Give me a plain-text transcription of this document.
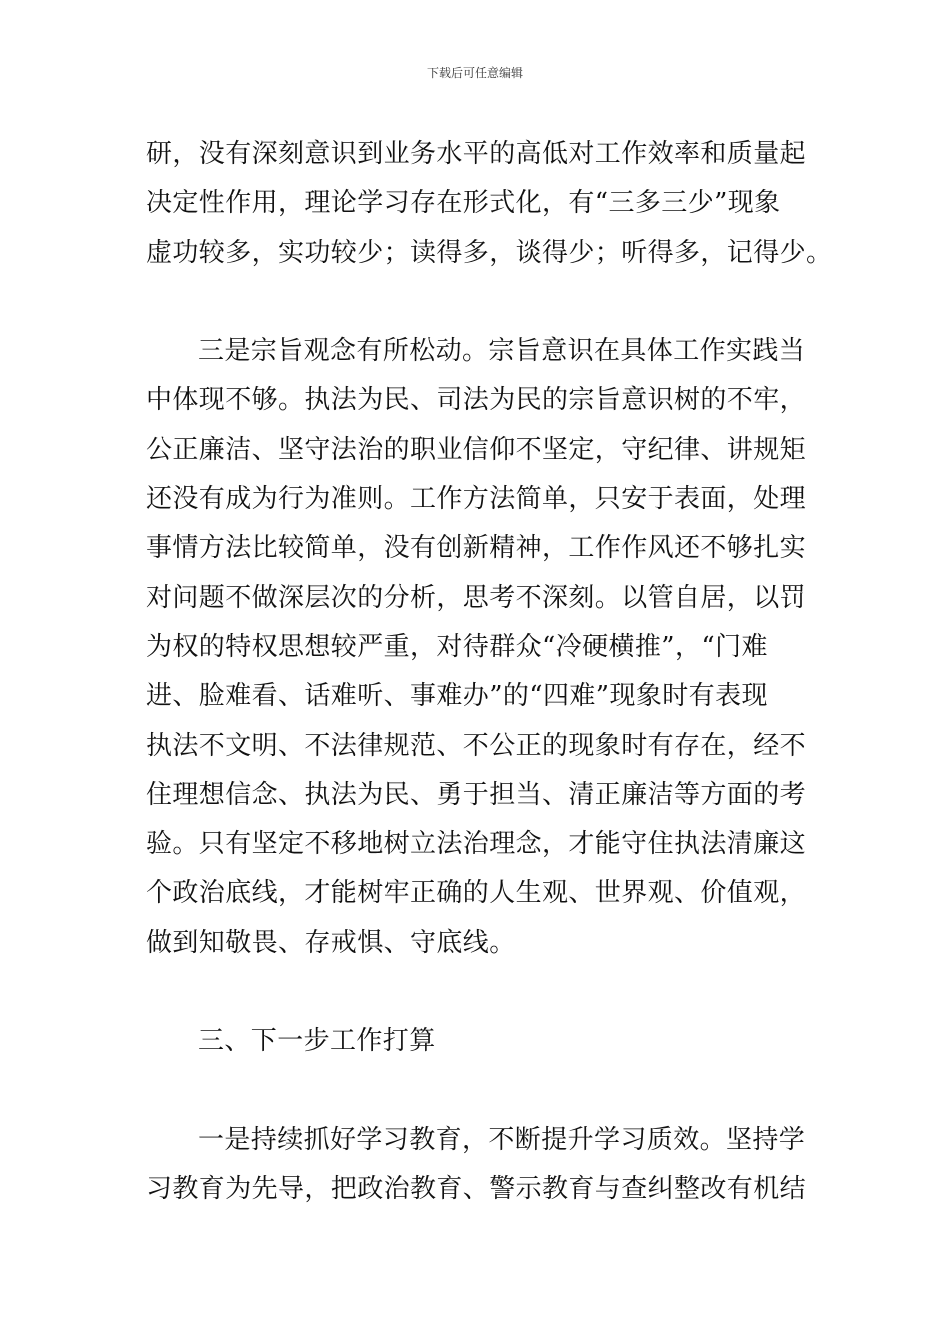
下载后可任意编辑
研，没有深刻意识到业务水平的高低对工作效率和质量起
决定性作用，理论学习存在形式化，有“三多三少”现象
虚功较多，实功较少；读得多，谈得少；听得多，记得少。
三是宗旨观念有所松动。宗旨意识在具体工作实践当
中体现不够。执法为民、司法为民的宗旨意识树的不牢，
公正廉洁、坚守法治的职业信仰不坚定，守纪律、讲规矩
还没有成为行为准则。工作方法简单，只安于表面，处理
事情方法比较简单，没有创新精神，工作作风还不够扎实
对问题不做深层次的分析，思考不深刻。以管自居，以罚
为权的特权思想较严重，对待群众“冷硬横推”，“门难
进、脸难看、话难听、事难办”的“四难”现象时有表现
执法不文明、不法律规范、不公正的现象时有存在，经不
住理想信念、执法为民、勇于担当、清正廉洁等方面的考
验。只有坚定不移地树立法治理念，才能守住执法清廉这
个政治底线，才能树牢正确的人生观、世界观、价值观，
做到知敬畏、存戒惧、守底线。
三、下一步工作打算
一是持续抓好学习教育，不断提升学习质效。坚持学
习教育为先导，把政治教育、警示教育与查纠整改有机结
